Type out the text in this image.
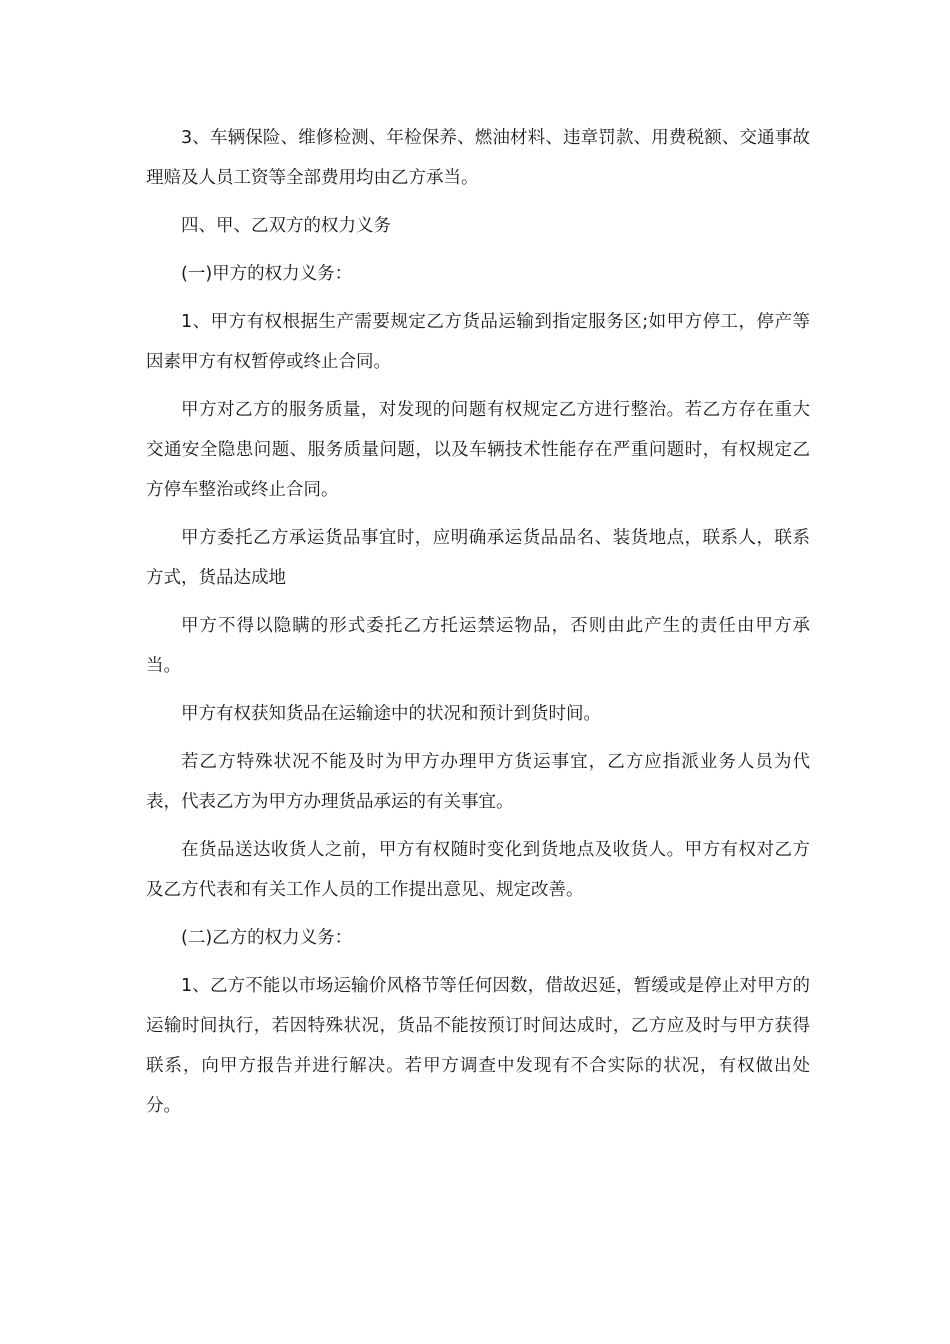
3、车辆保险、维修检测、年检保养、燃油材料、违章罚款、用费税额、交通事故理赔及人员工资等全部费用均由乙方承当。

四、甲、乙双方的权力义务

(一)甲方的权力义务：

1、甲方有权根据生产需要规定乙方货品运输到指定服务区;如甲方停工，停产等因素甲方有权暂停或终止合同。

甲方对乙方的服务质量，对发现的问题有权规定乙方进行整治。若乙方存在重大交通安全隐患问题、服务质量问题，以及车辆技术性能存在严重问题时，有权规定乙方停车整治或终止合同。

甲方委托乙方承运货品事宜时，应明确承运货品品名、装货地点，联系人，联系方式，货品达成地

甲方不得以隐瞒的形式委托乙方托运禁运物品，否则由此产生的责任由甲方承当。

甲方有权获知货品在运输途中的状况和预计到货时间。

若乙方特殊状况不能及时为甲方办理甲方货运事宜，乙方应指派业务人员为代表，代表乙方为甲方办理货品承运的有关事宜。

在货品送达收货人之前，甲方有权随时变化到货地点及收货人。甲方有权对乙方及乙方代表和有关工作人员的工作提出意见、规定改善。

(二)乙方的权力义务：

1、乙方不能以市场运输价风格节等任何因数，借故迟延，暂缓或是停止对甲方的运输时间执行，若因特殊状况，货品不能按预订时间达成时，乙方应及时与甲方获得联系，向甲方报告并进行解决。若甲方调查中发现有不合实际的状况，有权做出处分。
